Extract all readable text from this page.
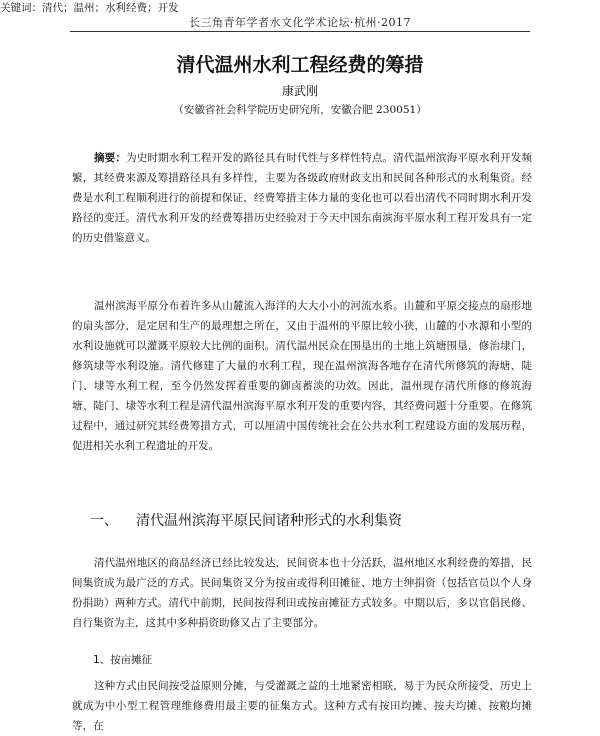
长三角青年学者水文化学术论坛·杭州·2017
清代温州水利工程经费的筹措
康武刚
（安徽省社会科学院历史研究所，安徽合肥 230051）
摘要：为史时期水利工程开发的路径具有时代性与多样性特点。清代温州滨海平原水利开发频繁，其经费来源及筹措路径具有多样性，主要为各级政府财政支出和民间各种形式的水利集资。经费是水利工程顺利进行的前提和保证，经费筹措主体力量的变化也可以看出清代不同时期水利开发路径的变迁。清代水利开发的经费筹措历史经验对于今天中国东南滨海平原水利工程开发具有一定的历史借鉴意义。
关键词：清代；温州；水利经费；开发
温州滨海平原分布着许多从山麓流入海洋的大大小小的河流水系。山麓和平原交接点的扇形地的扇头部分，是定居和生产的最理想之所在，又由于温州的平原比较小狭，山麓的小水源和小型的水利设施就可以灌溉平原较大比例的面积。清代温州民众在围垦出的土地上筑塘围垦，修治埭门，修筑埭等水利设施。清代修建了大量的水利工程，现在温州滨海各地存在清代所修筑的海塘、陡门、埭等水利工程，至今仍然发挥着重要的御卤蓄淡的功效。因此，温州现存清代所修的修筑海塘、陡门、埭等水利工程是清代温州滨海平原水利开发的重要内容，其经费问题十分重要。在修筑过程中，通过研究其经费筹措方式，可以厘清中国传统社会在公共水利工程建设方面的发展历程，促进相关水利工程遗址的开发。
一、 清代温州滨海平原民间诸种形式的水利集资
清代温州地区的商品经济已经比较发达，民间资本也十分活跃，温州地区水利经费的筹措，民间集资成为最广泛的方式。民间集资又分为按亩或得利田摊征、地方士绅捐资（包括官员以个人身份捐助）两种方式。清代中前期，民间按得利田或按亩摊征方式较多。中期以后，多以官倡民修、自行集资为主，这其中多种捐资助修又占了主要部分。
1、按亩摊征
这种方式由民间按受益原则分摊，与受灌溉之益的土地紧密相联，易于为民众所接受，历史上就成为中小型工程管理维修费用最主要的征集方式。这种方式有按田均摊、按夫均摊、按粮均摊等，在
